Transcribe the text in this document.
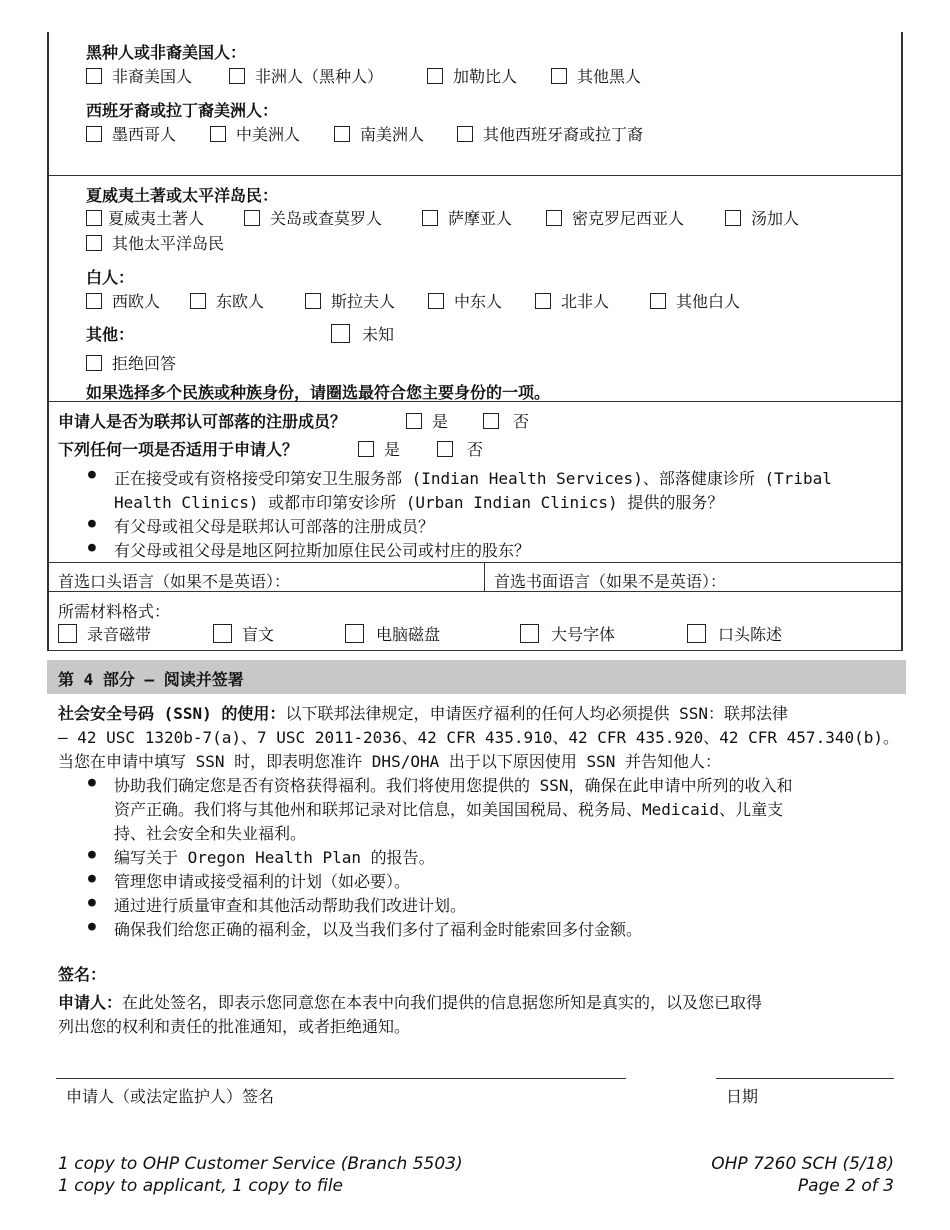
黑种人或非裔美国人：
非裔美国人	非洲人（黑种人）	加勒比人	其他黑人
西班牙裔或拉丁裔美洲人：
墨西哥人	中美洲人	南美洲人	其他西班牙裔或拉丁裔
夏威夷土著或太平洋岛民：
夏威夷土著人	关岛或查莫罗人	萨摩亚人	密克罗尼西亚人	汤加人
其他太平洋岛民
白人：
西欧人	东欧人	斯拉夫人	中东人	北非人	其他白人
其他：	未知
拒绝回答
如果选择多个民族或种族身份，请圈选最符合您主要身份的一项。
申请人是否为联邦认可部落的注册成员？	是	否
下列任何一项是否适用于申请人？	是	否
● 正在接受或有资格接受印第安卫生服务部 (Indian Health Services)、部落健康诊所 (Tribal
Health Clinics) 或都市印第安诊所 (Urban Indian Clinics) 提供的服务？
● 有父母或祖父母是联邦认可部落的注册成员？
● 有父母或祖父母是地区阿拉斯加原住民公司或村庄的股东？
首选口头语言（如果不是英语）：	首选书面语言（如果不是英语）：
所需材料格式：
录音磁带	盲文	电脑磁盘	大号字体	口头陈述
第 4 部分 – 阅读并签署
社会安全号码 (SSN) 的使用：以下联邦法律规定，申请医疗福利的任何人均必须提供 SSN：联邦法律
– 42 USC 1320b-7(a)、7 USC 2011-2036、42 CFR 435.910、42 CFR 435.920、42 CFR 457.340(b)。
当您在申请中填写 SSN 时，即表明您准许 DHS/OHA 出于以下原因使用 SSN 并告知他人：
● 协助我们确定您是否有资格获得福利。我们将使用您提供的 SSN，确保在此申请中所列的收入和
资产正确。我们将与其他州和联邦记录对比信息，如美国国税局、税务局、Medicaid、儿童支
持、社会安全和失业福利。
● 编写关于 Oregon Health Plan 的报告。
● 管理您申请或接受福利的计划（如必要）。
● 通过进行质量审查和其他活动帮助我们改进计划。
● 确保我们给您正确的福利金，以及当我们多付了福利金时能索回多付金额。
签名：
申请人：在此处签名，即表示您同意您在本表中向我们提供的信息据您所知是真实的，以及您已取得
列出您的权利和责任的批准通知，或者拒绝通知。
申请人（或法定监护人）签名	日期
1 copy to OHP Customer Service (Branch 5503)
1 copy to applicant, 1 copy to file
OHP 7260 SCH (5/18)
Page 2 of 3
